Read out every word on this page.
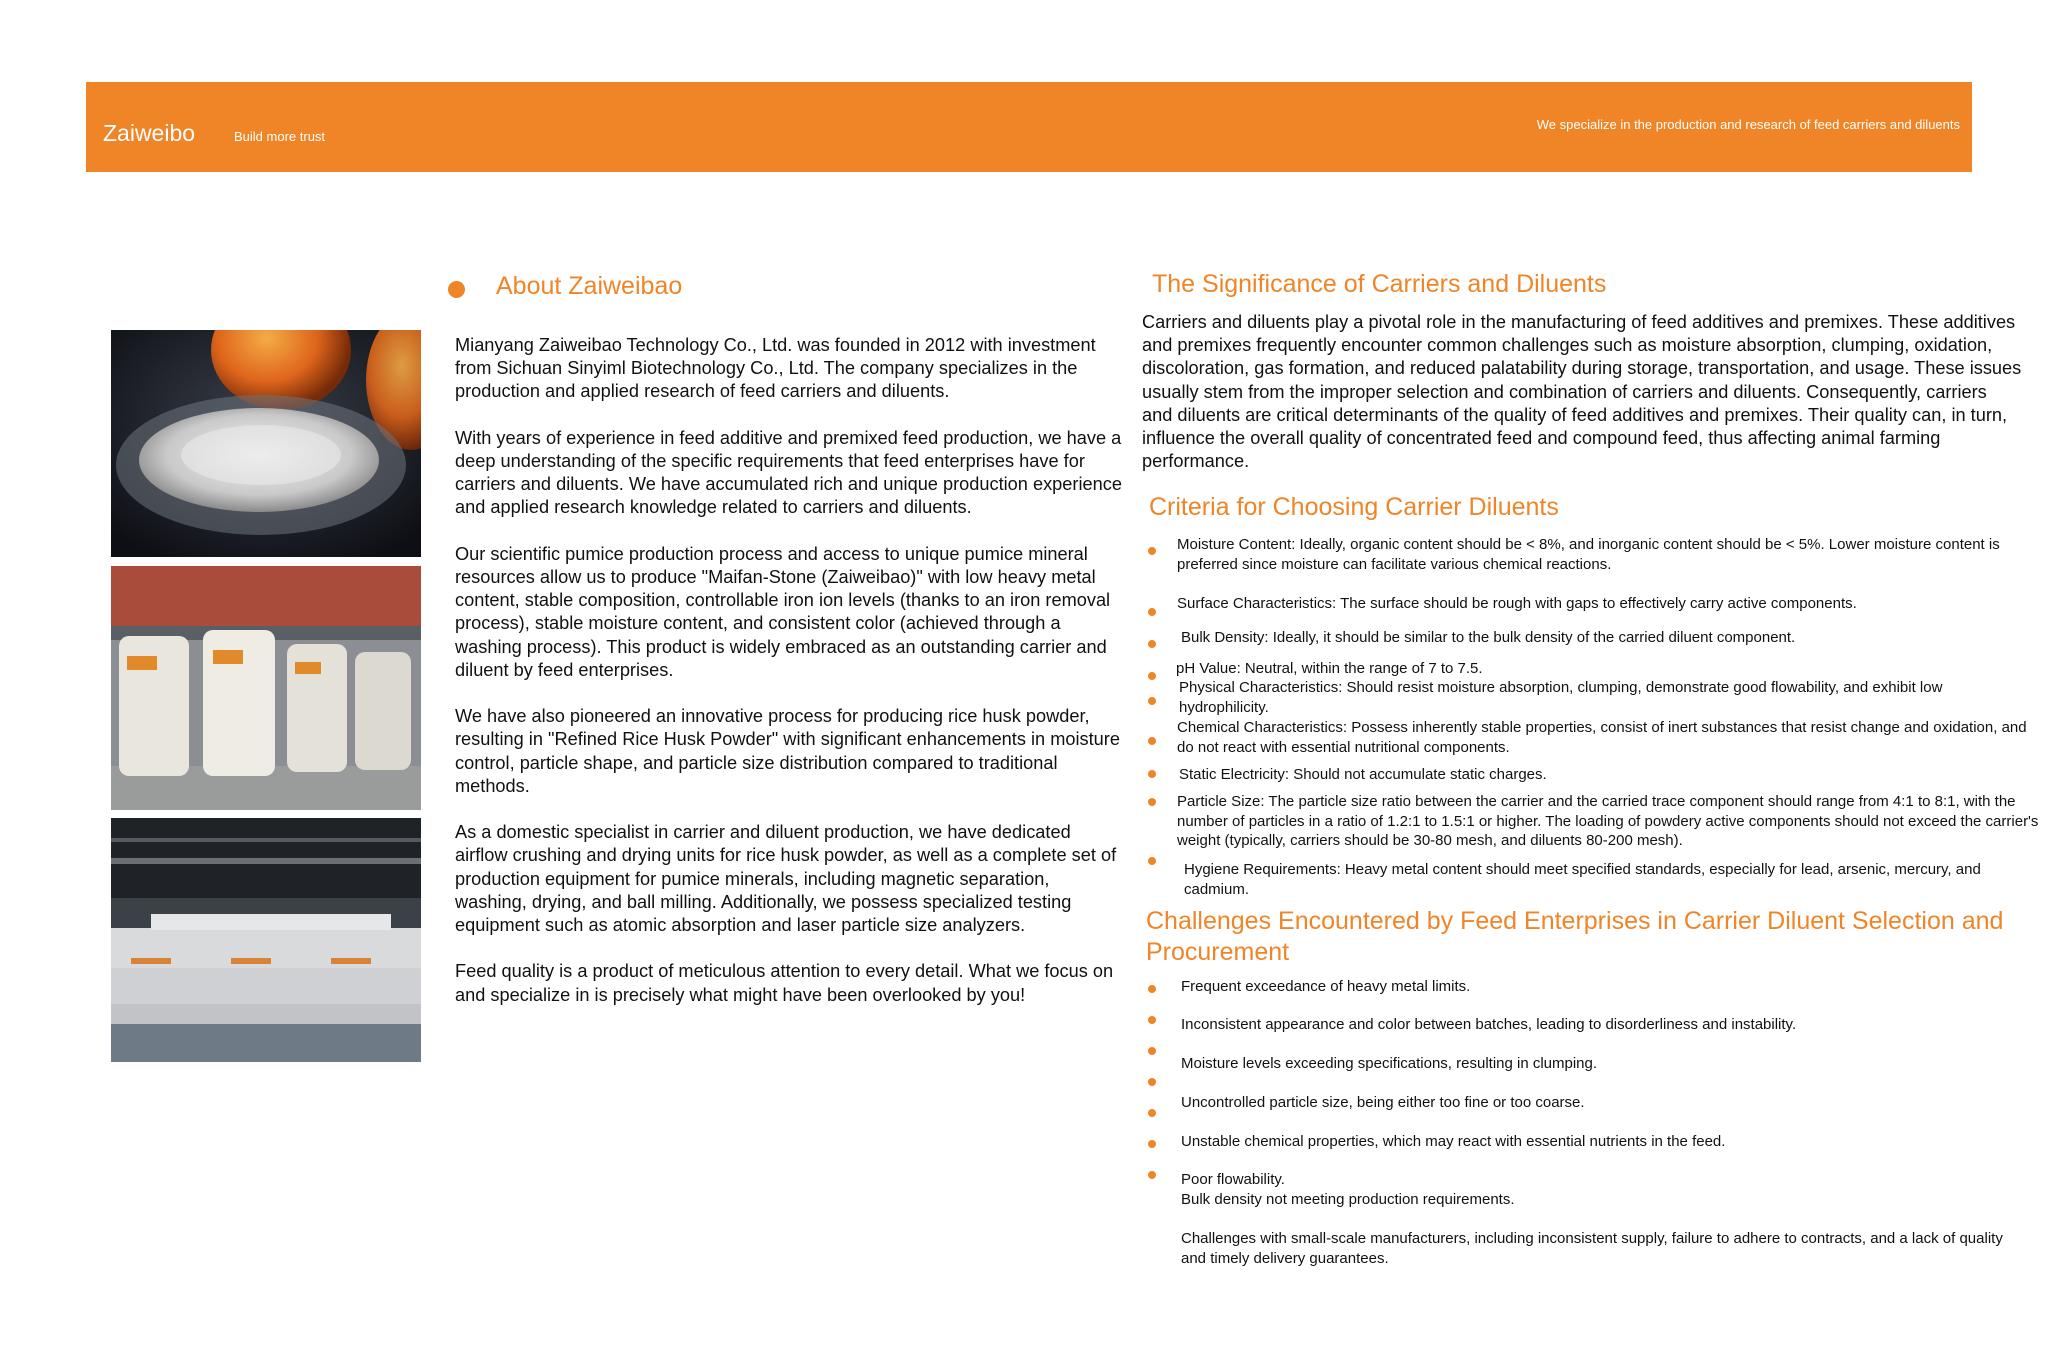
Zaiweibo	Build more trust
We specialize in the production and research of feed carriers and diluents
About Zaiweibao

Mianyang Zaiweibao Technology Co., Ltd. was founded in 2012 with investment from Sichuan Sinyiml Biotechnology Co., Ltd. The company specializes in the production and applied research of feed carriers and diluents.

With years of experience in feed additive and premixed feed production, we have a deep understanding of the specific requirements that feed enterprises have for carriers and diluents. We have accumulated rich and unique production experience and applied research knowledge related to carriers and diluents.

Our scientific pumice production process and access to unique pumice mineral resources allow us to produce "Maifan-Stone (Zaiweibao)" with low heavy metal content, stable composition, controllable iron ion levels (thanks to an iron removal process), stable moisture content, and consistent color (achieved through a washing process). This product is widely embraced as an outstanding carrier and diluent by feed enterprises.

We have also pioneered an innovative process for producing rice husk powder, resulting in "Refined Rice Husk Powder" with significant enhancements in moisture control, particle shape, and particle size distribution compared to traditional methods.

As a domestic specialist in carrier and diluent production, we have dedicated airflow crushing and drying units for rice husk powder, as well as a complete set of production equipment for pumice minerals, including magnetic separation, washing, drying, and ball milling. Additionally, we possess specialized testing equipment such as atomic absorption and laser particle size analyzers.

Feed quality is a product of meticulous attention to every detail. What we focus on and specialize in is precisely what might have been overlooked by you!

The Significance of Carriers and Diluents

Carriers and diluents play a pivotal role in the manufacturing of feed additives and premixes. These additives and premixes frequently encounter common challenges such as moisture absorption, clumping, oxidation, discoloration, gas formation, and reduced palatability during storage, transportation, and usage. These issues usually stem from the improper selection and combination of carriers and diluents. Consequently, carriers and diluents are critical determinants of the quality of feed additives and premixes. Their quality can, in turn, influence the overall quality of concentrated feed and compound feed, thus affecting animal farming performance.

Criteria for Choosing Carrier Diluents

Moisture Content: Ideally, organic content should be < 8%, and inorganic content should be < 5%. Lower moisture content is preferred since moisture can facilitate various chemical reactions.

Surface Characteristics: The surface should be rough with gaps to effectively carry active components.

Bulk Density: Ideally, it should be similar to the bulk density of the carried diluent component.

pH Value: Neutral, within the range of 7 to 7.5.

Physical Characteristics: Should resist moisture absorption, clumping, demonstrate good flowability, and exhibit low hydrophilicity.

Chemical Characteristics: Possess inherently stable properties, consist of inert substances that resist change and oxidation, and do not react with essential nutritional components.

Static Electricity: Should not accumulate static charges.

Particle Size: The particle size ratio between the carrier and the carried trace component should range from 4:1 to 8:1, with the number of particles in a ratio of 1.2:1 to 1.5:1 or higher. The loading of powdery active components should not exceed the carrier's weight (typically, carriers should be 30-80 mesh, and diluents 80-200 mesh).

Hygiene Requirements: Heavy metal content should meet specified standards, especially for lead, arsenic, mercury, and cadmium.

Challenges Encountered by Feed Enterprises in Carrier Diluent Selection and Procurement

Frequent exceedance of heavy metal limits.

Inconsistent appearance and color between batches, leading to disorderliness and instability.

Moisture levels exceeding specifications, resulting in clumping.

Uncontrolled particle size, being either too fine or too coarse.

Unstable chemical properties, which may react with essential nutrients in the feed.

Poor flowability.

Bulk density not meeting production requirements.

Challenges with small-scale manufacturers, including inconsistent supply, failure to adhere to contracts, and a lack of quality and timely delivery guarantees.
